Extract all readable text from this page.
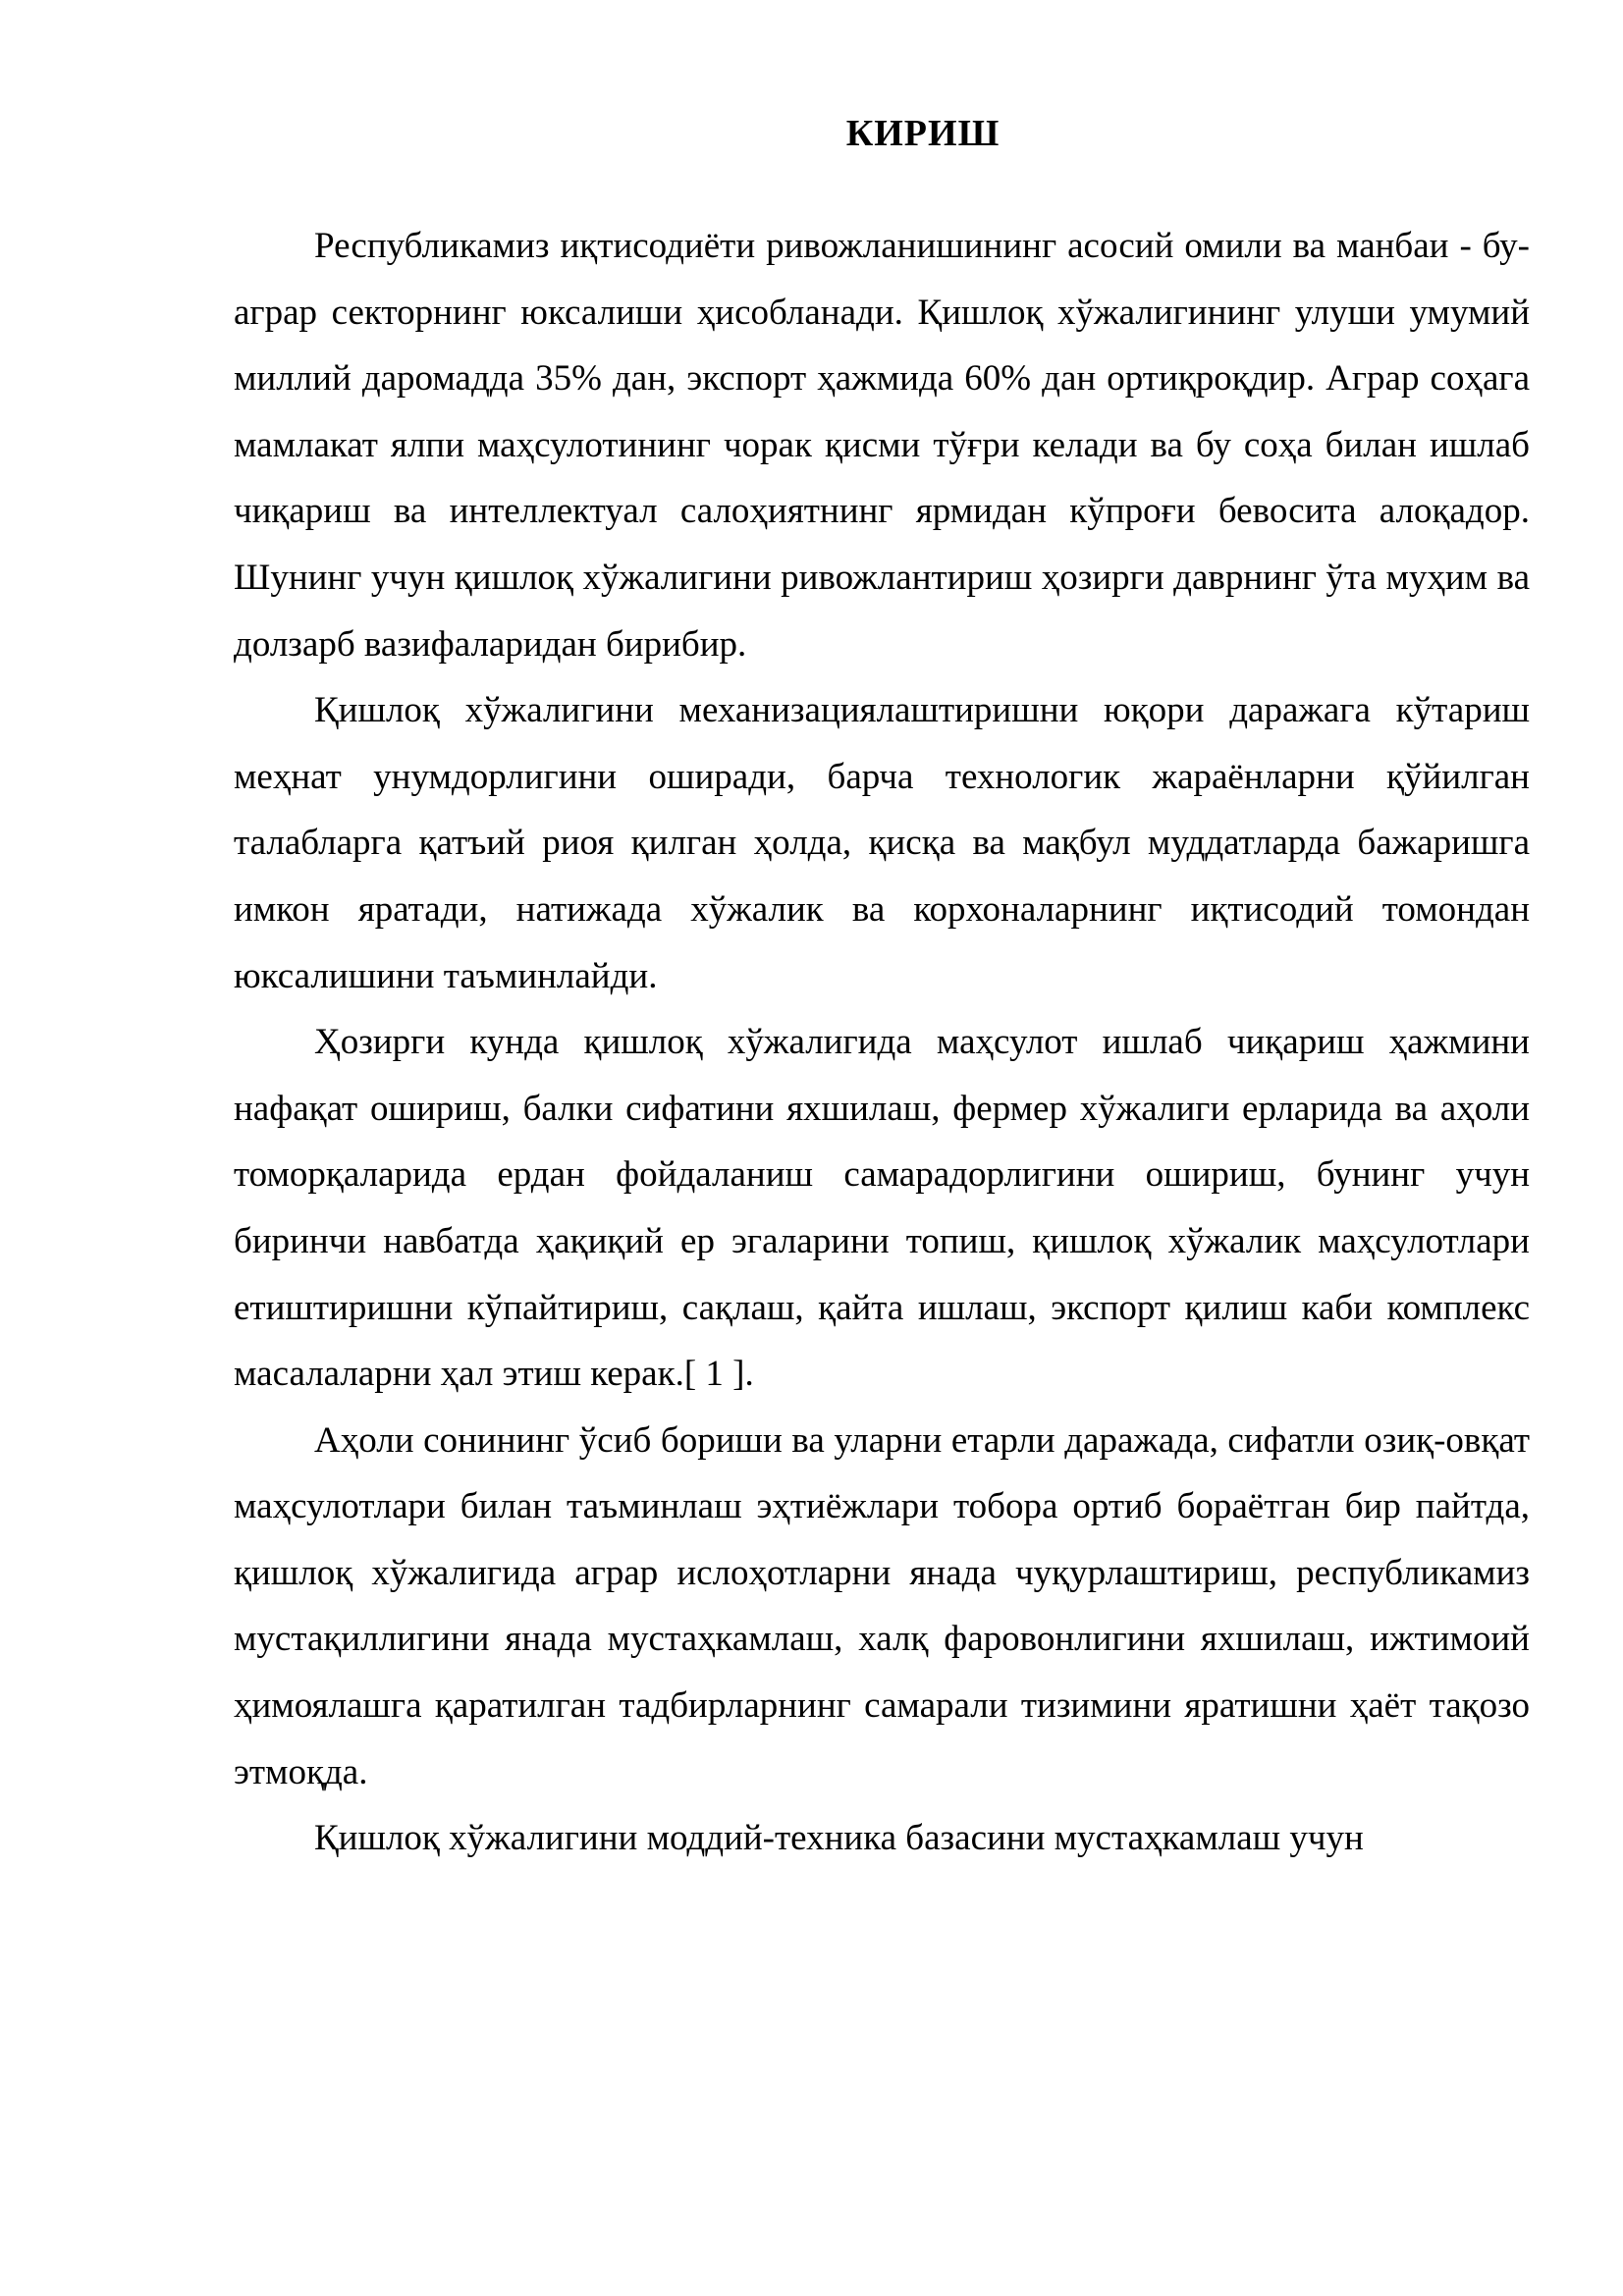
КИРИШ

Республикамиз иқтисодиёти ривожланишининг асосий омили ва манбаи - бу- аграр секторнинг юксалиши ҳисобланади. Қишлоқ хўжалигининг улуши умумий миллий даромадда 35% дан, экспорт ҳажмида 60% дан ортиқроқдир. Аграр соҳага мамлакат ялпи маҳсулотининг чорак қисми тўғри келади ва бу соҳа билан ишлаб чиқариш ва интеллектуал салоҳиятнинг ярмидан кўпроғи бевосита алоқадор. Шунинг учун қишлоқ хўжалигини ривожлантириш ҳозирги даврнинг ўта муҳим ва долзарб вазифаларидан бирибир.

Қишлоқ хўжалигини механизациялаштиришни юқори даражага кўтариш меҳнат унумдорлигини оширади, барча технологик жараёнларни қўйилган талабларга қатъий риоя қилган ҳолда, қисқа ва мақбул муддатларда бажаришга имкон яратади, натижада хўжалик ва корхоналарнинг иқтисодий томондан юксалишини таъминлайди.

Ҳозирги кунда қишлоқ хўжалигида маҳсулот ишлаб чиқариш ҳажмини нафақат ошириш, балки сифатини яхшилаш, фермер хўжалиги ерларида ва аҳоли томорқаларида ердан фойдаланиш самарадорлигини ошириш, бунинг учун биринчи навбатда ҳақиқий ер эгаларини топиш, қишлоқ хўжалик маҳсулотлари етиштиришни кўпайтириш, сақлаш, қайта ишлаш, экспорт қилиш каби комплекс масалаларни ҳал этиш керак.[ 1 ].

Аҳоли сонининг ўсиб бориши ва уларни етарли даражада, сифатли озиқ-овқат маҳсулотлари билан таъминлаш эҳтиёжлари тобора ортиб бораётган бир пайтда, қишлоқ хўжалигида аграр ислоҳотларни янада чуқурлаштириш, республикамиз мустақиллигини янада мустаҳкамлаш, халқ фаровонлигини яхшилаш, ижтимоий ҳимоялашга қаратилган тадбирларнинг самарали тизимини яратишни ҳаёт тақозо этмоқда.

Қишлоқ хўжалигини моддий-техника базасини мустаҳкамлаш учун
